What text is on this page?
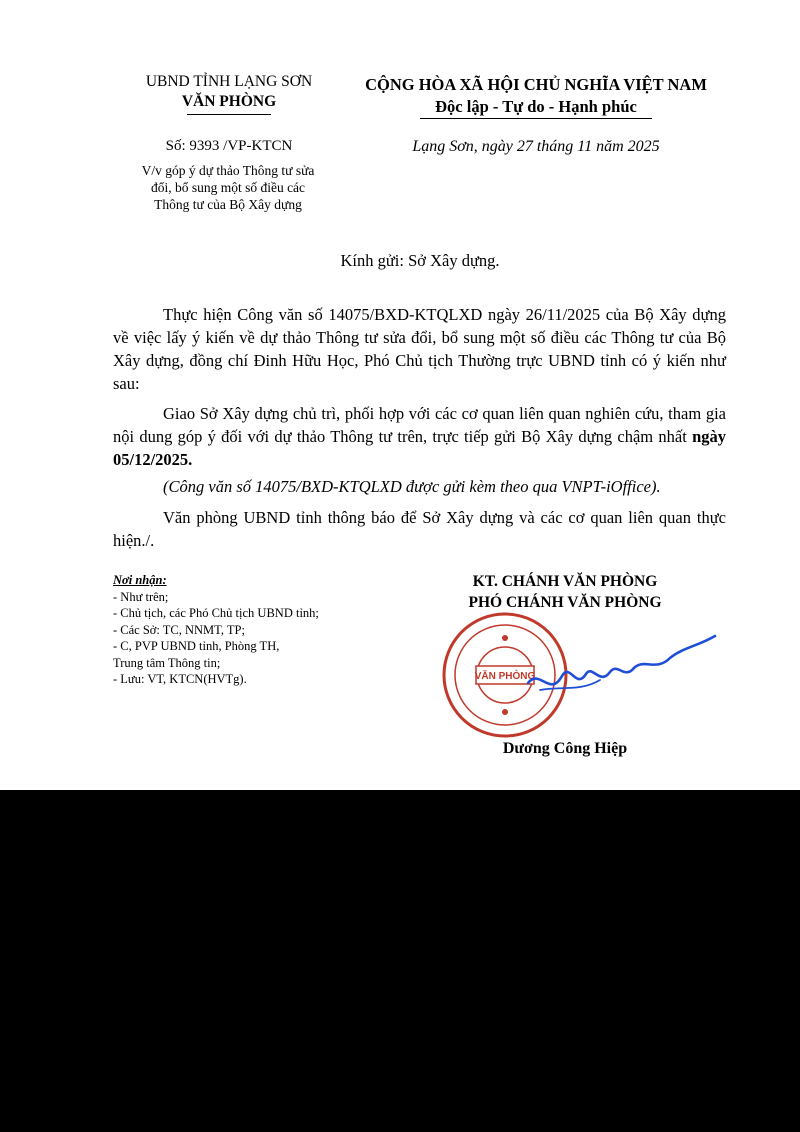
UBND TỈNH LẠNG SƠN
VĂN PHÒNG
CỘNG HÒA XÃ HỘI CHỦ NGHĨA VIỆT NAM
Độc lập - Tự do - Hạnh phúc
Số: 9393 /VP-KTCN
V/v góp ý dự thảo Thông tư sửa
đổi, bổ sung một số điều các
Thông tư của Bộ Xây dựng
Lạng Sơn, ngày 27 tháng 11 năm 2025
Kính gửi: Sở Xây dựng.
Thực hiện Công văn số 14075/BXD-KTQLXD ngày 26/11/2025 của Bộ Xây dựng về việc lấy ý kiến về dự thảo Thông tư sửa đổi, bổ sung một số điều các Thông tư của Bộ Xây dựng, đồng chí Đinh Hữu Học, Phó Chủ tịch Thường trực UBND tỉnh có ý kiến như sau:
Giao Sở Xây dựng chủ trì, phối hợp với các cơ quan liên quan nghiên cứu, tham gia nội dung góp ý đối với dự thảo Thông tư trên, trực tiếp gửi Bộ Xây dựng chậm nhất ngày 05/12/2025.
(Công văn số 14075/BXD-KTQLXD được gửi kèm theo qua VNPT-iOffice).
Văn phòng UBND tỉnh thông báo để Sở Xây dựng và các cơ quan liên quan thực hiện./.
Nơi nhận:
- Như trên;
- Chủ tịch, các Phó Chủ tịch UBND tỉnh;
- Các Sở: TC, NNMT, TP;
- C, PVP UBND tỉnh, Phòng TH,
Trung tâm Thông tin;
- Lưu: VT, KTCN(HVTg).
KT. CHÁNH VĂN PHÒNG
PHÓ CHÁNH VĂN PHÒNG
VĂN PHÒNG
Dương Công Hiệp
